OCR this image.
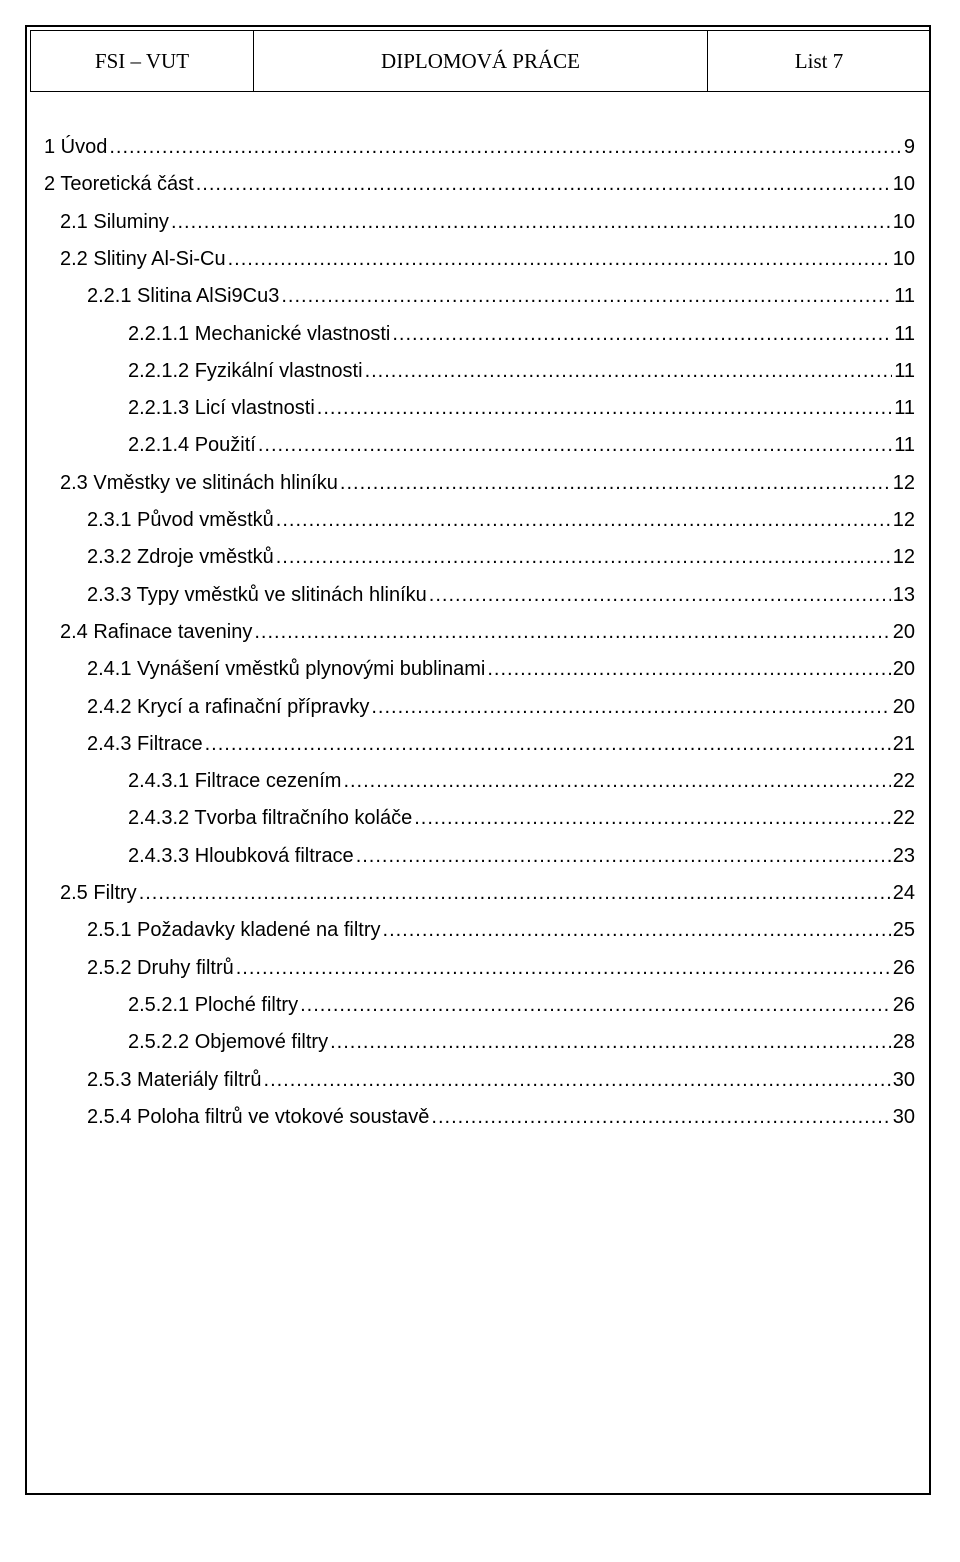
FSI – VUT	DIPLOMOVÁ PRÁCE	List 7
1 Úvod .....	9
2 Teoretická část .....	10
2.1 Siluminy .....	10
2.2 Slitiny Al-Si-Cu .....	10
2.2.1 Slitina AlSi9Cu3 .....	11
2.2.1.1 Mechanické vlastnosti .....	11
2.2.1.2 Fyzikální vlastnosti .....	11
2.2.1.3 Licí vlastnosti .....	11
2.2.1.4 Použití .....	11
2.3 Vměstky ve slitinách hliníku .....	12
2.3.1 Původ vměstků .....	12
2.3.2 Zdroje vměstků .....	12
2.3.3 Typy vměstků ve slitinách hliníku .....	13
2.4 Rafinace taveniny .....	20
2.4.1 Vynášení vměstků plynovými bublinami .....	20
2.4.2 Krycí a rafinační přípravky .....	20
2.4.3 Filtrace .....	21
2.4.3.1 Filtrace cezením .....	22
2.4.3.2 Tvorba filtračního koláče .....	22
2.4.3.3 Hloubková filtrace .....	23
2.5 Filtry .....	24
2.5.1 Požadavky kladené na filtry .....	25
2.5.2 Druhy filtrů .....	26
2.5.2.1 Ploché filtry .....	26
2.5.2.2 Objemové filtry .....	28
2.5.3 Materiály filtrů .....	30
2.5.4 Poloha filtrů ve vtokové soustavě .....	30
